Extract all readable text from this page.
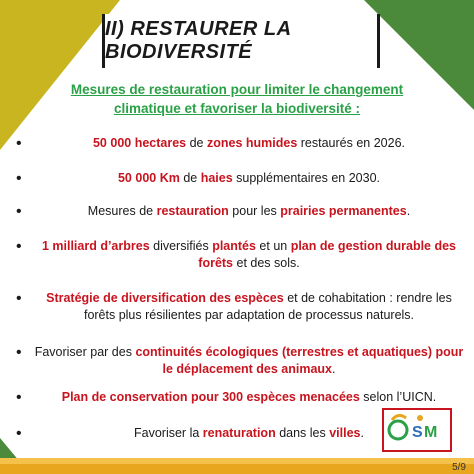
II) RESTAURER LA BIODIVERSITÉ
Mesures de restauration pour limiter le changement
climatique et favoriser la biodiversité :
•	50 000 hectares de zones humides restaurés en 2026.
•	50 000 Km de haies supplémentaires en 2030.
•	Mesures de restauration pour les prairies permanentes.
•	1 milliard d’arbres diversifiés plantés et un plan de gestion durable des forêts et des sols.
•	Stratégie de diversification des espèces et de cohabitation : rendre les forêts plus résilientes par adaptation de processus naturels.
• Favoriser par des continuités écologiques (terrestres et aquatiques) pour le déplacement des animaux.
•	Plan de conservation pour 300 espèces menacées selon l’UICN.
•	Favoriser la renaturation dans les villes.	S M
5/9
